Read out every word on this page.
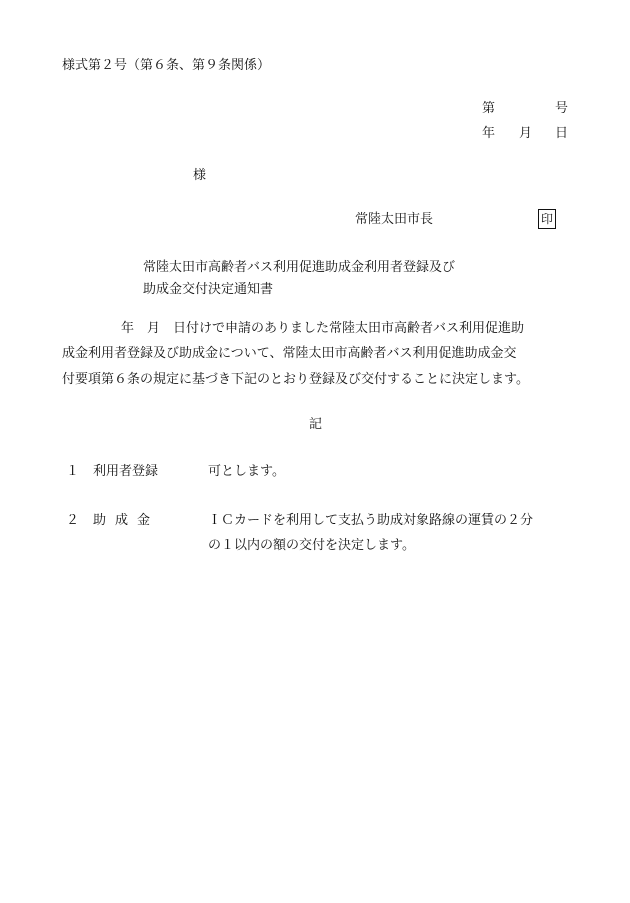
様式第２号（第６条、第９条関係）
第	号
年 月 日
様
常陸太田市長	印
常陸太田市高齢者バス利用促進助成金利用者登録及び
助成金交付決定通知書
年　月　日付けで申請のありました常陸太田市高齢者バス利用促進助
成金利用者登録及び助成金について、常陸太田市高齢者バス利用促進助成金交
付要項第６条の規定に基づき下記のとおり登録及び交付することに決定します。
記
１ 利用者登録	可とします。
２ 助成金	ＩＣカードを利用して支払う助成対象路線の運賃の２分
の１以内の額の交付を決定します。
